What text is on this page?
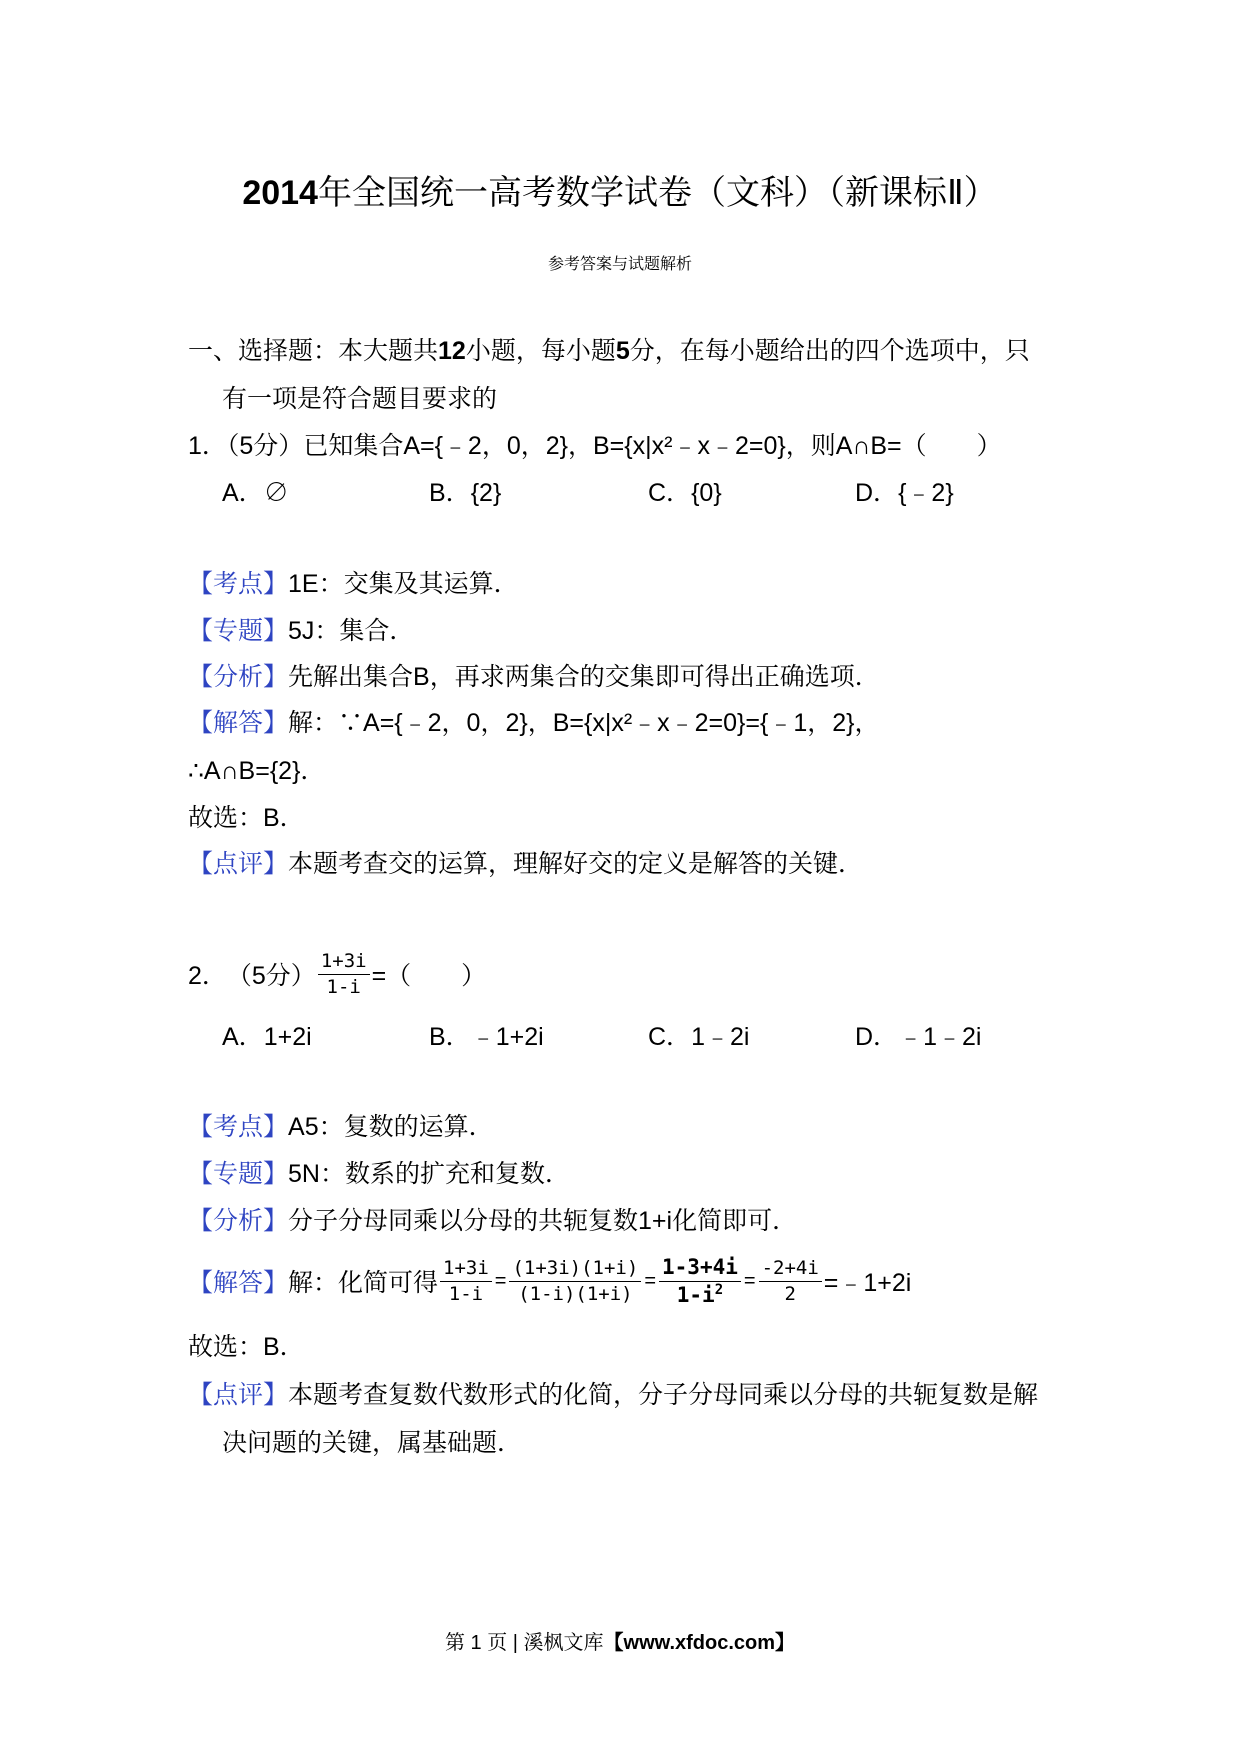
2014年全国统一高考数学试卷（文科）（新课标Ⅱ）
参考答案与试题解析
一、选择题：本大题共12小题，每小题5分，在每小题给出的四个选项中，只
有一项是符合题目要求的
1．（5分）已知集合A={﹣2，0，2}，B={x|x²﹣x﹣2=0}，则A∩B=（　　）
A．∅	B．{2}	C．{0}	D．{﹣2}
【考点】1E：交集及其运算．
【专题】5J：集合．
【分析】先解出集合B，再求两集合的交集即可得出正确选项．
【解答】解：∵A={﹣2，0，2}，B={x|x²﹣x﹣2=0}={﹣1，2}，
∴A∩B={2}．
故选：B．
【点评】本题考查交的运算，理解好交的定义是解答的关键．
2． （5分） $\frac{1+3i}{1-i}$ =（　　）
A．1+2i	B．﹣1+2i	C．1﹣2i	D．﹣1﹣2i
【考点】A5：复数的运算．
【专题】5N：数系的扩充和复数．
【分析】分子分母同乘以分母的共轭复数1+i化简即可．
【解答】 解：化简可得 $\frac{1+3i}{1-i} = \frac{(1+3i)(1+i)}{(1-i)(1+i)} = \frac{1-3+4i}{1-i^2} = \frac{-2+4i}{2}$ =﹣1+2i
故选：B．
【点评】本题考查复数代数形式的化简，分子分母同乘以分母的共轭复数是解
决问题的关键，属基础题．
第 1 页 | 溪枫文库【www.xfdoc.com】
